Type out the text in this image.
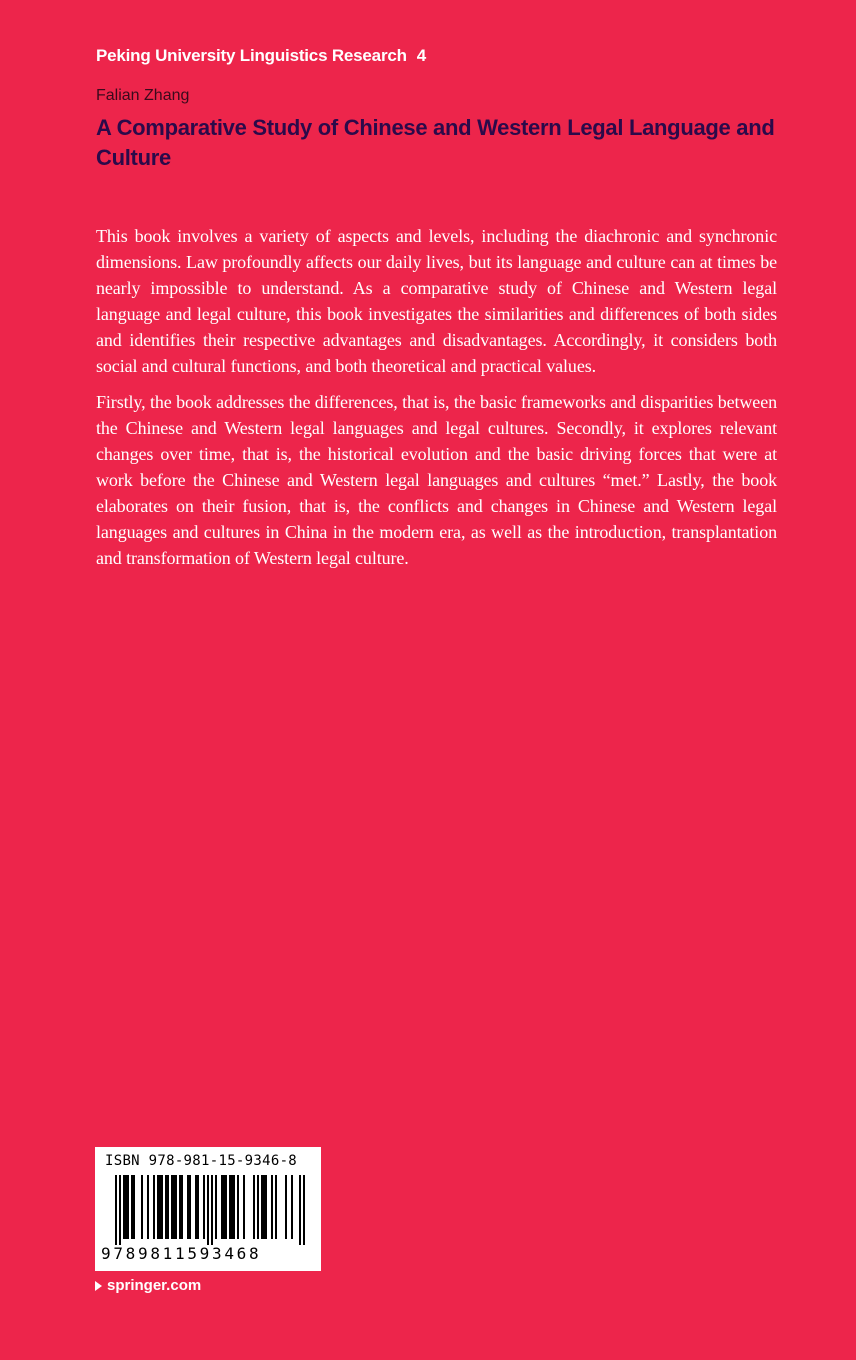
Peking University Linguistics Research 4
Falian Zhang
A Comparative Study of Chinese and Western Legal Language and Culture

This book involves a variety of aspects and levels, including the diachronic and synchronic dimensions. Law profoundly affects our daily lives, but its language and culture can at times be nearly impossible to understand. As a comparative study of Chinese and Western legal language and legal culture, this book investigates the similarities and differences of both sides and identifies their respective advantages and disadvantages. Accordingly, it considers both social and cultural functions, and both theoretical and practical values.

Firstly, the book addresses the differences, that is, the basic frameworks and disparities between the Chinese and Western legal languages and legal cultures. Secondly, it explores relevant changes over time, that is, the historical evolution and the basic driving forces that were at work before the Chinese and Western legal languages and cultures “met.” Lastly, the book elaborates on their fusion, that is, the conflicts and changes in Chinese and Western legal languages and cultures in China in the modern era, as well as the introduction, transplantation and transformation of Western legal culture.

ISBN 978-981-15-9346-8
9789811593468
springer.com
